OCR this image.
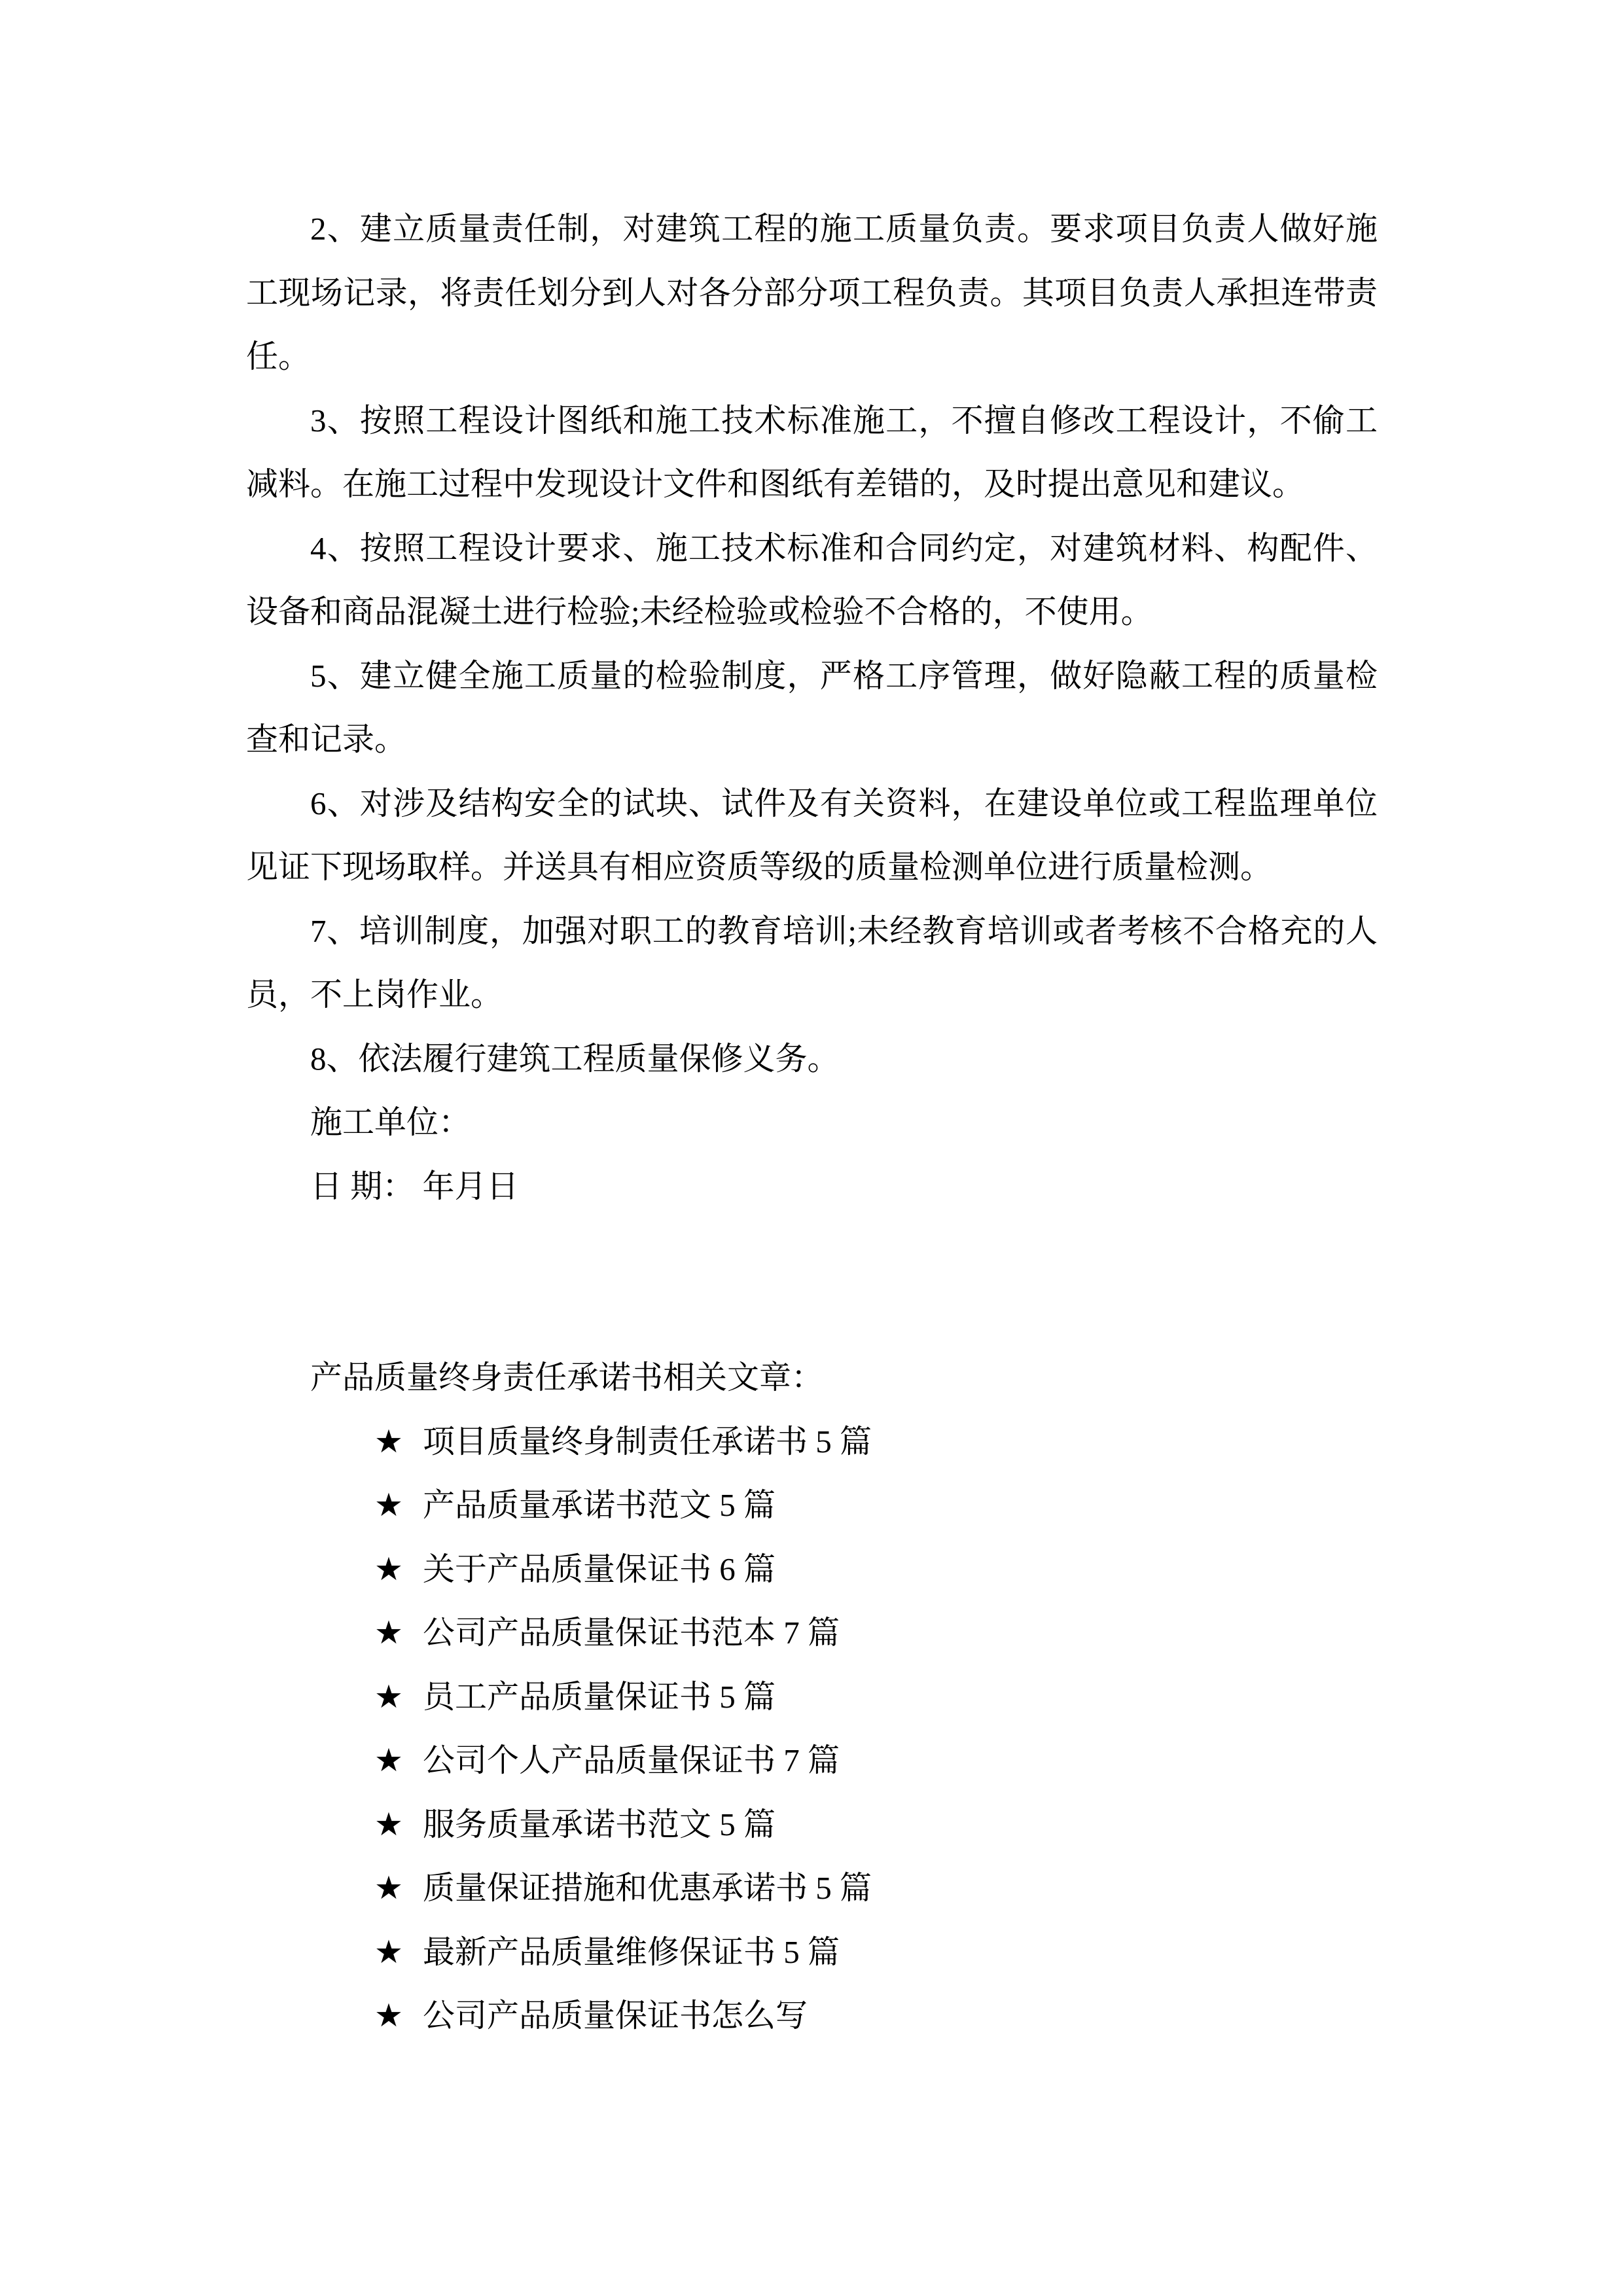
2、建立质量责任制，对建筑工程的施工质量负责。要求项目负责人做好施工现场记录，将责任划分到人对各分部分项工程负责。其项目负责人承担连带责任。

3、按照工程设计图纸和施工技术标准施工，不擅自修改工程设计，不偷工减料。在施工过程中发现设计文件和图纸有差错的，及时提出意见和建议。

4、按照工程设计要求、施工技术标准和合同约定，对建筑材料、构配件、设备和商品混凝土进行检验;未经检验或检验不合格的，不使用。

5、建立健全施工质量的检验制度，严格工序管理，做好隐蔽工程的质量检查和记录。

6、对涉及结构安全的试块、试件及有关资料，在建设单位或工程监理单位见证下现场取样。并送具有相应资质等级的质量检测单位进行质量检测。

7、培训制度，加强对职工的教育培训;未经教育培训或者考核不合格充的人员，不上岗作业。

8、依法履行建筑工程质量保修义务。

施工单位：

日 期： 年月日

产品质量终身责任承诺书相关文章：

★ 项目质量终身制责任承诺书 5 篇

★ 产品质量承诺书范文 5 篇

★ 关于产品质量保证书 6 篇

★ 公司产品质量保证书范本 7 篇

★ 员工产品质量保证书 5 篇

★ 公司个人产品质量保证书 7 篇

★ 服务质量承诺书范文 5 篇

★ 质量保证措施和优惠承诺书 5 篇

★ 最新产品质量维修保证书 5 篇

★ 公司产品质量保证书怎么写
